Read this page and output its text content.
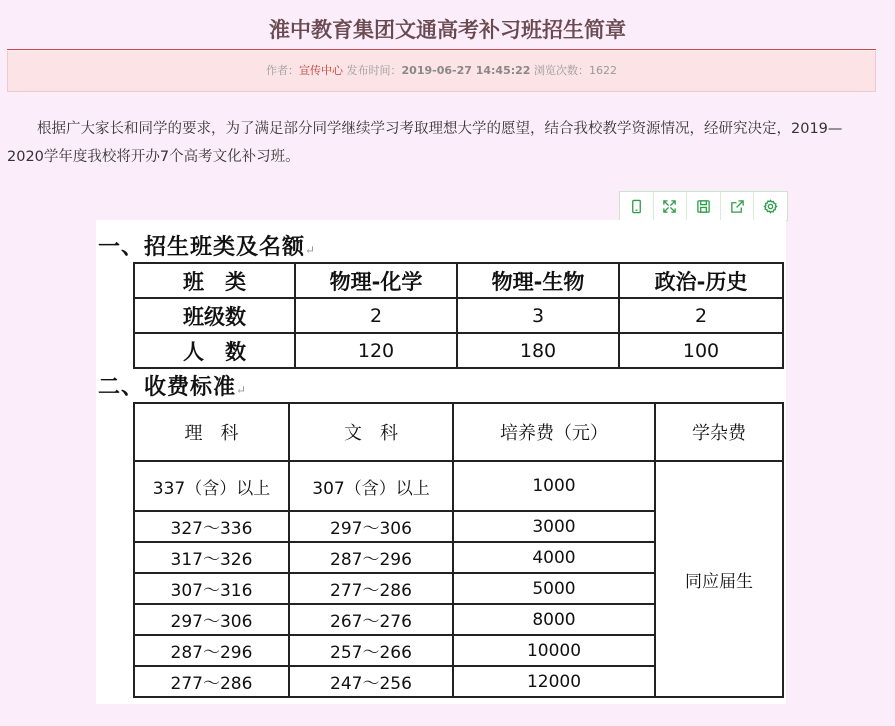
淮中教育集团文通高考补习班招生简章
作者：宣传中心 发布时间：2019-06-27 14:45:22 浏览次数：1622
根据广大家长和同学的要求，为了满足部分同学继续学习考取理想大学的愿望，结合我校教学资源情况，经研究决定，2019—2020学年度我校将开办7个高考文化补习班。
一、招生班类及名额↵
班　类	物理-化学	物理-生物	政治-历史
班级数	2	3	2
人　数	120	180	100
二、收费标准↵
理　科	文　科	培养费（元）	学杂费
337（含）以上	307（含）以上	1000	同应届生
327～336	297～306	3000	
317～326	287～296	4000	
307～316	277～286	5000	
297～306	267～276	8000	
287～296	257～266	10000	
277～286	247～256	12000	
